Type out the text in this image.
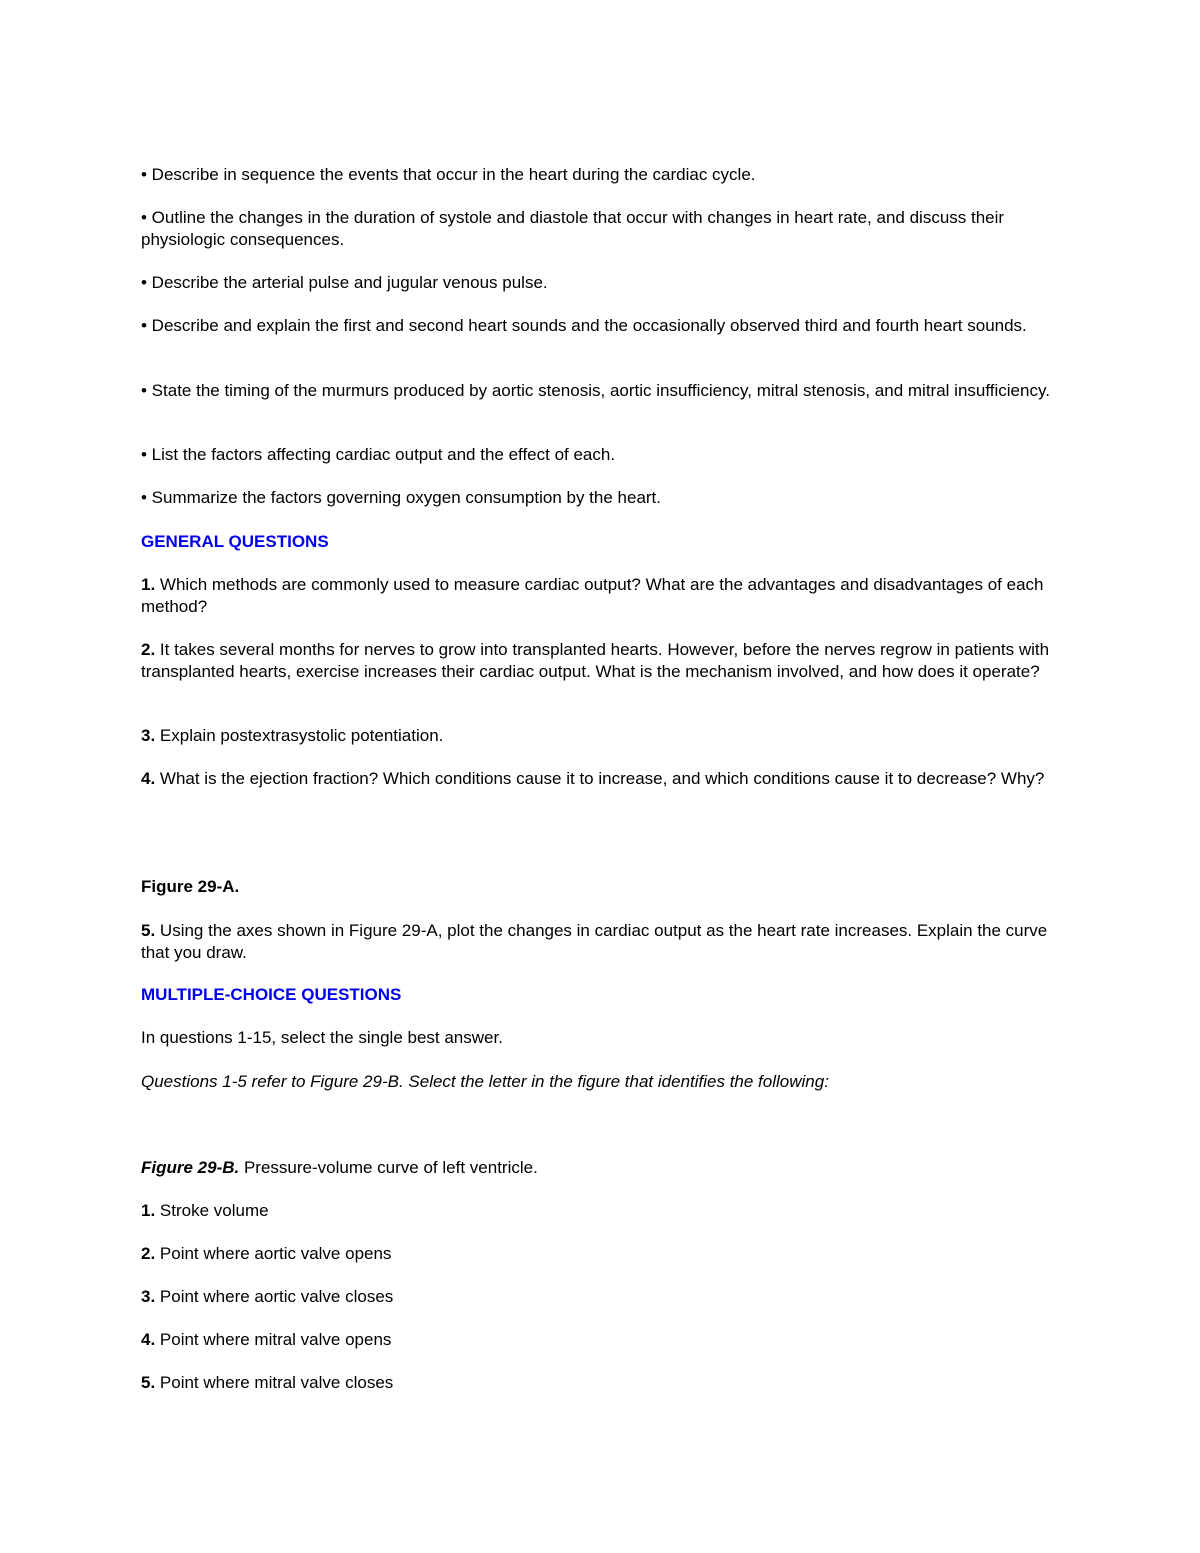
• Describe in sequence the events that occur in the heart during the cardiac cycle.

• Outline the changes in the duration of systole and diastole that occur with changes in heart rate, and discuss their physiologic consequences.

• Describe the arterial pulse and jugular venous pulse.

• Describe and explain the first and second heart sounds and the occasionally observed third and fourth heart sounds.

• State the timing of the murmurs produced by aortic stenosis, aortic insufficiency, mitral stenosis, and mitral insufficiency.

• List the factors affecting cardiac output and the effect of each.

• Summarize the factors governing oxygen consumption by the heart.

GENERAL QUESTIONS

1. Which methods are commonly used to measure cardiac output? What are the advantages and disadvantages of each method?

2. It takes several months for nerves to grow into transplanted hearts. However, before the nerves regrow in patients with transplanted hearts, exercise increases their cardiac output. What is the mechanism involved, and how does it operate?

3. Explain postextrasystolic potentiation.

4. What is the ejection fraction? Which conditions cause it to increase, and which conditions cause it to decrease? Why?

Figure 29-A.

5. Using the axes shown in Figure 29-A, plot the changes in cardiac output as the heart rate increases. Explain the curve that you draw.

MULTIPLE-CHOICE QUESTIONS

In questions 1-15, select the single best answer.

Questions 1-5 refer to Figure 29-B. Select the letter in the figure that identifies the following:

Figure 29-B. Pressure-volume curve of left ventricle.

1. Stroke volume

2. Point where aortic valve opens

3. Point where aortic valve closes

4. Point where mitral valve opens

5. Point where mitral valve closes
